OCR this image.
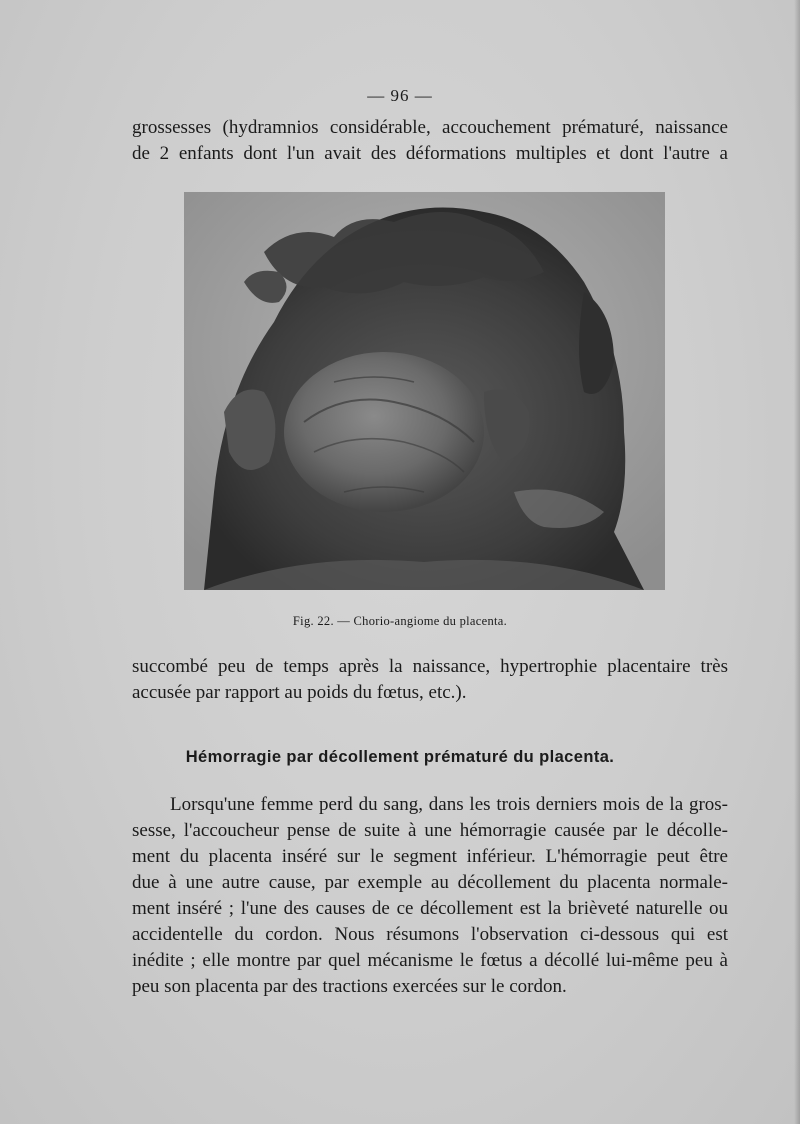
— 96 —
grossesses (hydramnios considérable, accouchement prématuré, naissance
de 2 enfants dont l'un avait des déformations multiples et dont l'autre a
Fig. 22. — Chorio-angiome du placenta.
succombé peu de temps après la naissance, hypertrophie placentaire très
accusée par rapport au poids du fœtus, etc.).
Hémorragie par décollement prématuré du placenta.
Lorsqu'une femme perd du sang, dans les trois derniers mois de la gros-
sesse, l'accoucheur pense de suite à une hémorragie causée par le décolle-
ment du placenta inséré sur le segment inférieur. L'hémorragie peut être
due à une autre cause, par exemple au décollement du placenta normale-
ment inséré ; l'une des causes de ce décollement est la brièveté naturelle ou
accidentelle du cordon. Nous résumons l'observation ci-dessous qui est
inédite ; elle montre par quel mécanisme le fœtus a décollé lui-même peu à
peu son placenta par des tractions exercées sur le cordon.
